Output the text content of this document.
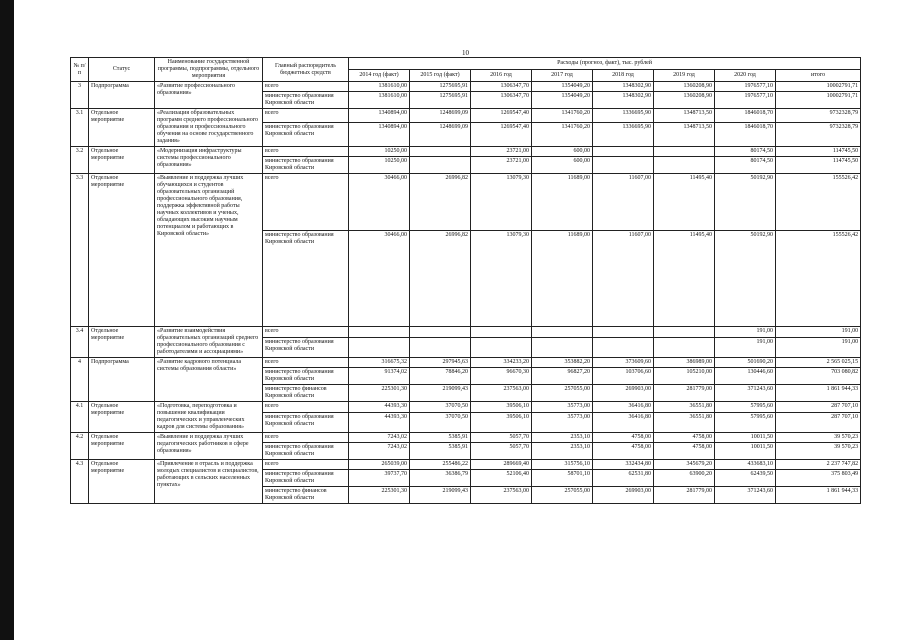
10
№ п/п	Статус	Наименование государственной программы, подпрограммы, отдельного мероприятия	Главный распорядитель бюджетных средств	Расходы (прогноз, факт), тыс. рублей							
				2014 год (факт)	2015 год (факт)	2016 год	2017 год	2018 год	2019 год	2020 год	итого
3	Подпрограмма	«Развитие профессионального образования»	всего	1381610,00	1275695,91	1306347,70	1354049,20	1348302,90	1360208,90	1976577,10	10002791,71
			министерство образования Кировской области	1381610,00	1275695,91	1306347,70	1354049,20	1348302,90	1360208,90	1976577,10	10002791,71
3.1	Отдельное мероприятие	«Реализация образовательных программ среднего профессионального образования и профессионального обучения на основе государственного задания»	всего	1340894,00	1248699,09	1269547,40	1341760,20	1336695,90	1348713,50	1846018,70	9732328,79
			министерство образования Кировской области	1340894,00	1248699,09	1269547,40	1341760,20	1336695,90	1348713,50	1846018,70	9732328,79
3.2	Отдельное мероприятие	«Модернизация инфраструктуры системы профессионального образования»	всего	10250,00		23721,00	600,00			80174,50	114745,50
			министерство образования Кировской области	10250,00		23721,00	600,00			80174,50	114745,50
3.3	Отдельное мероприятие	«Выявление и поддержка лучших обучающихся и студентов образовательных организаций профессионального образования, поддержка эффективной работы научных коллективов и ученых, обладающих высоким научным потенциалом и работающих в Кировской области»	всего	30466,00	26996,82	13079,30	11689,00	11607,00	11495,40	50192,90	155526,42
			министерство образования Кировской области	30466,00	26996,82	13079,30	11689,00	11607,00	11495,40	50192,90	155526,42
3.4	Отдельное мероприятие	«Развитие взаимодействия образовательных организаций среднего профессионального образования с работодателями и ассоциациями»	всего							191,00	191,00
			министерство образования Кировской области							191,00	191,00
4	Подпрограмма	«Развитие кадрового потенциала системы образования области»	всего	316675,32	297945,63	334233,20	353882,20	373609,60	386989,00	501690,20	2 565 025,15
			министерство образования Кировской области	91374,02	78846,20	96670,30	96827,20	103706,60	105210,00	130446,60	703 080,82
			министерство финансов Кировской области	225301,30	219099,43	237563,00	257055,00	269903,00	281779,00	371243,60	1 861 944,33
4.1	Отдельное мероприятие	«Подготовка, переподготовка и повышение квалификации педагогических и управленческих кадров для системы образования»	всего	44393,30	37070,50	39506,10	35773,00	36416,80	36551,80	57995,60	287 707,10
			министерство образования Кировской области	44393,30	37070,50	39506,10	35773,00	36416,80	36551,80	57995,60	287 707,10
4.2	Отдельное мероприятие	«Выявление и поддержка лучших педагогических работников в сфере образования»	всего	7243,02	5385,91	5057,70	2353,10	4758,00	4758,00	10011,50	39 570,23
			министерство образования Кировской области	7243,02	5385,91	5057,70	2353,10	4758,00	4758,00	10011,50	39 570,23
4.3	Отдельное мероприятие	«Привлечение в отрасль и поддержка молодых специалистов и специалистов, работающих в сельских населенных пунктах»	всего	265039,00	255486,22	289669,40	315756,10	332434,80	345679,20	433683,10	2 237 747,82
			министерство образования Кировской области	39737,70	36386,79	52106,40	58701,10	62531,80	63900,20	62439,50	375 803,49
			министерство финансов Кировской области	225301,30	219099,43	237563,00	257055,00	269903,00	281779,00	371243,60	1 861 944,33
